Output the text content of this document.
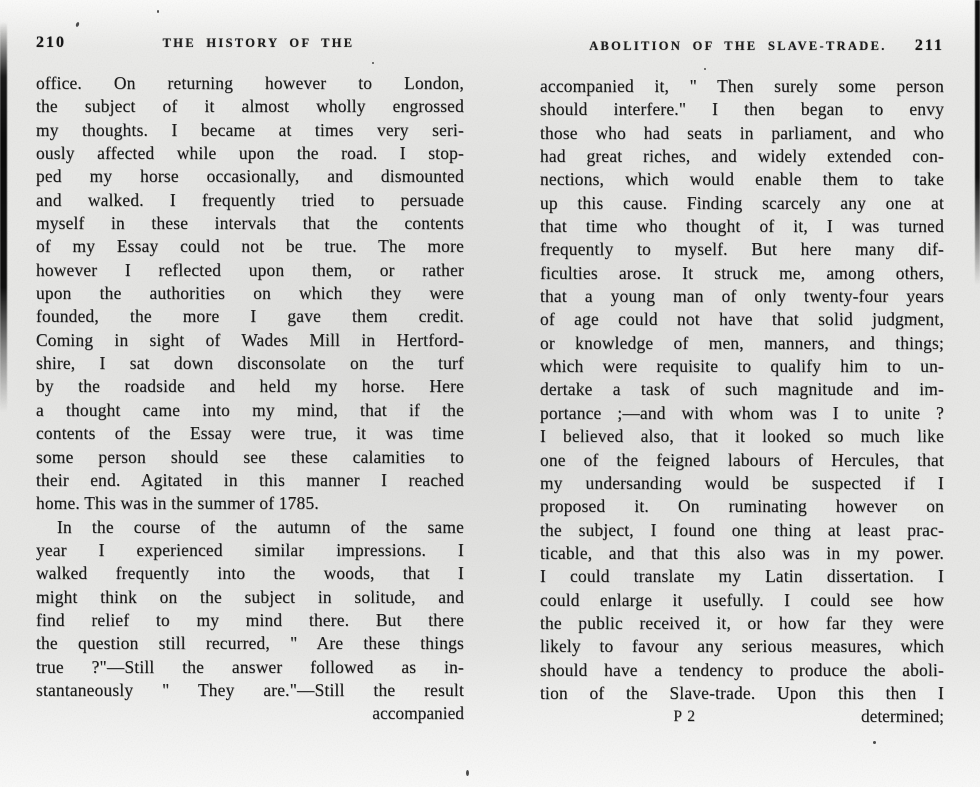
210	THE HISTORY OF THE
office. On returning however to London,
the subject of it almost wholly engrossed
my thoughts. I became at times very seri-
ously affected while upon the road. I stop-
ped my horse occasionally, and dismounted
and walked. I frequently tried to persuade
myself in these intervals that the contents
of my Essay could not be true. The more
however I reflected upon them, or rather
upon the authorities on which they were
founded, the more I gave them credit.
Coming in sight of Wades Mill in Hertford-
shire, I sat down disconsolate on the turf
by the roadside and held my horse. Here
a thought came into my mind, that if the
contents of the Essay were true, it was time
some person should see these calamities to
their end. Agitated in this manner I reached
home. This was in the summer of 1785.
In the course of the autumn of the same
year I experienced similar impressions. I
walked frequently into the woods, that I
might think on the subject in solitude, and
find relief to my mind there. But there
the question still recurred, " Are these things
true ?"—Still the answer followed as in-
stantaneously " They are."—Still the result
accompanied
ABOLITION OF THE SLAVE-TRADE. 211
accompanied it, " Then surely some person
should interfere." I then began to envy
those who had seats in parliament, and who
had great riches, and widely extended con-
nections, which would enable them to take
up this cause. Finding scarcely any one at
that time who thought of it, I was turned
frequently to myself. But here many dif-
ficulties arose. It struck me, among others,
that a young man of only twenty-four years
of age could not have that solid judgment,
or knowledge of men, manners, and things;
which were requisite to qualify him to un-
dertake a task of such magnitude and im-
portance ;—and with whom was I to unite ?
I believed also, that it looked so much like
one of the feigned labours of Hercules, that
my undersanding would be suspected if I
proposed it. On ruminating however on
the subject, I found one thing at least prac-
ticable, and that this also was in my power.
I could translate my Latin dissertation. I
could enlarge it usefully. I could see how
the public received it, or how far they were
likely to favour any serious measures, which
should have a tendency to produce the aboli-
tion of the Slave-trade. Upon this then I
P 2	determined;
